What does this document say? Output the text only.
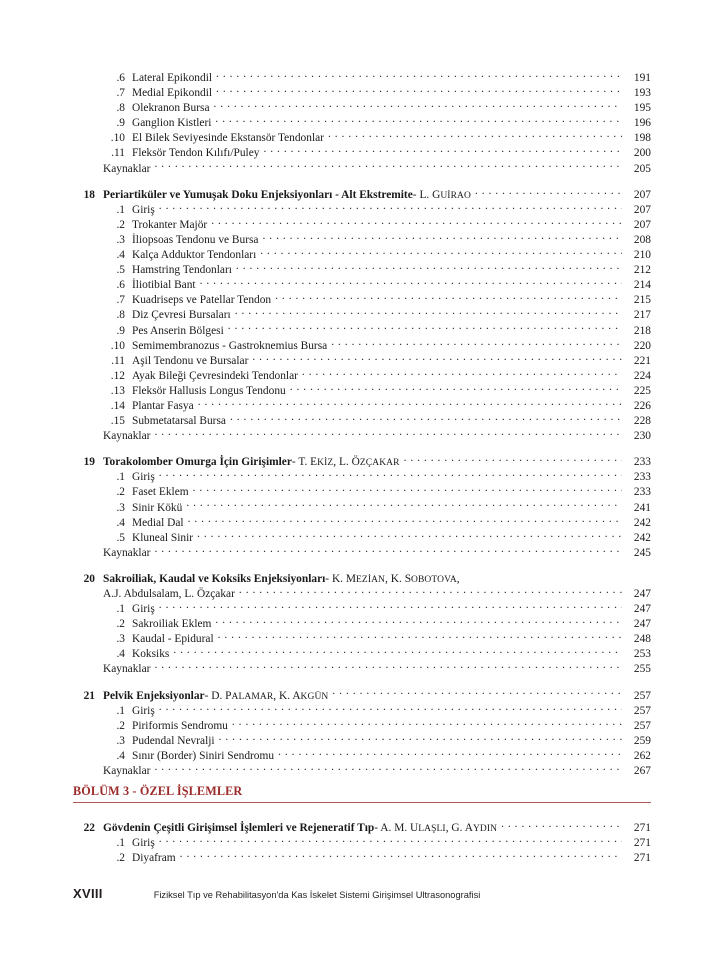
.6 Lateral Epikondil . . .	191
.7 Medial Epikondil . . .	193
.8 Olekranon Bursa . . .	195
.9 Ganglion Kistleri . . .	196
.10 El Bilek Seviyesinde Ekstansör Tendonlar . . .	198
.11 Fleksör Tendon Kılıfı/Puley . . .	200
Kaynaklar . . .	205
18 Periartiküler ve Yumuşak Doku Enjeksiyonları - Alt Ekstremite - L. GUİRAO . . .	207
.1 Giriş . . .	207
.2 Trokanter Majör . . .	207
.3 İliopsoas Tendonu ve Bursa . . .	208
.4 Kalça Adduktor Tendonları . . .	210
.5 Hamstring Tendonları . . .	212
.6 İliotibial Bant . . .	214
.7 Kuadriseps ve Patellar Tendon . . .	215
.8 Diz Çevresi Bursaları . . .	217
.9 Pes Anserin Bölgesi . . .	218
.10 Semimembranozus - Gastroknemius Bursa . . .	220
.11 Aşil Tendonu ve Bursalar . . .	221
.12 Ayak Bileği Çevresindeki Tendonlar . . .	224
.13 Fleksör Hallusis Longus Tendonu . . .	225
.14 Plantar Fasya . . .	226
.15 Submetatarsal Bursa . . .	228
Kaynaklar . . .	230
19 Torakolomber Omurga İçin Girişimler - T. EKİZ, L. ÖZÇAKAR . . .	233
.1 Giriş . . .	233
.2 Faset Eklem . . .	233
.3 Sinir Kökü . . .	241
.4 Medial Dal . . .	242
.5 Kluneal Sinir . . .	242
Kaynaklar . . .	245
20 Sakroiliak, Kaudal ve Koksiks Enjeksiyonları - K. MEZİAN, K. SOBOTOVA,
A.J. Abdulsalam, L. Özçakar . . .	247
.1 Giriş . . .	247
.2 Sakroiliak Eklem . . .	247
.3 Kaudal - Epidural . . .	248
.4 Koksiks . . .	253
Kaynaklar . . .	255
21 Pelvik Enjeksiyonlar - D. PALAMAR, K. AKGÜN . . .	257
.1 Giriş . . .	257
.2 Piriformis Sendromu . . .	257
.3 Pudendal Nevralji . . .	259
.4 Sınır (Border) Siniri Sendromu . . .	262
Kaynaklar . . .	267
BÖLÜM 3 - ÖZEL İŞLEMLER
22 Gövdenin Çeşitli Girişimsel İşlemleri ve Rejeneratif Tıp - A. M. ULAŞLI, G. AYDIN . . .	271
.1 Giriş . . .	271
.2 Diyafram . . .	271
XVIII	Fiziksel Tıp ve Rehabilitasyon'da Kas İskelet Sistemi Girişimsel Ultrasonografisi
